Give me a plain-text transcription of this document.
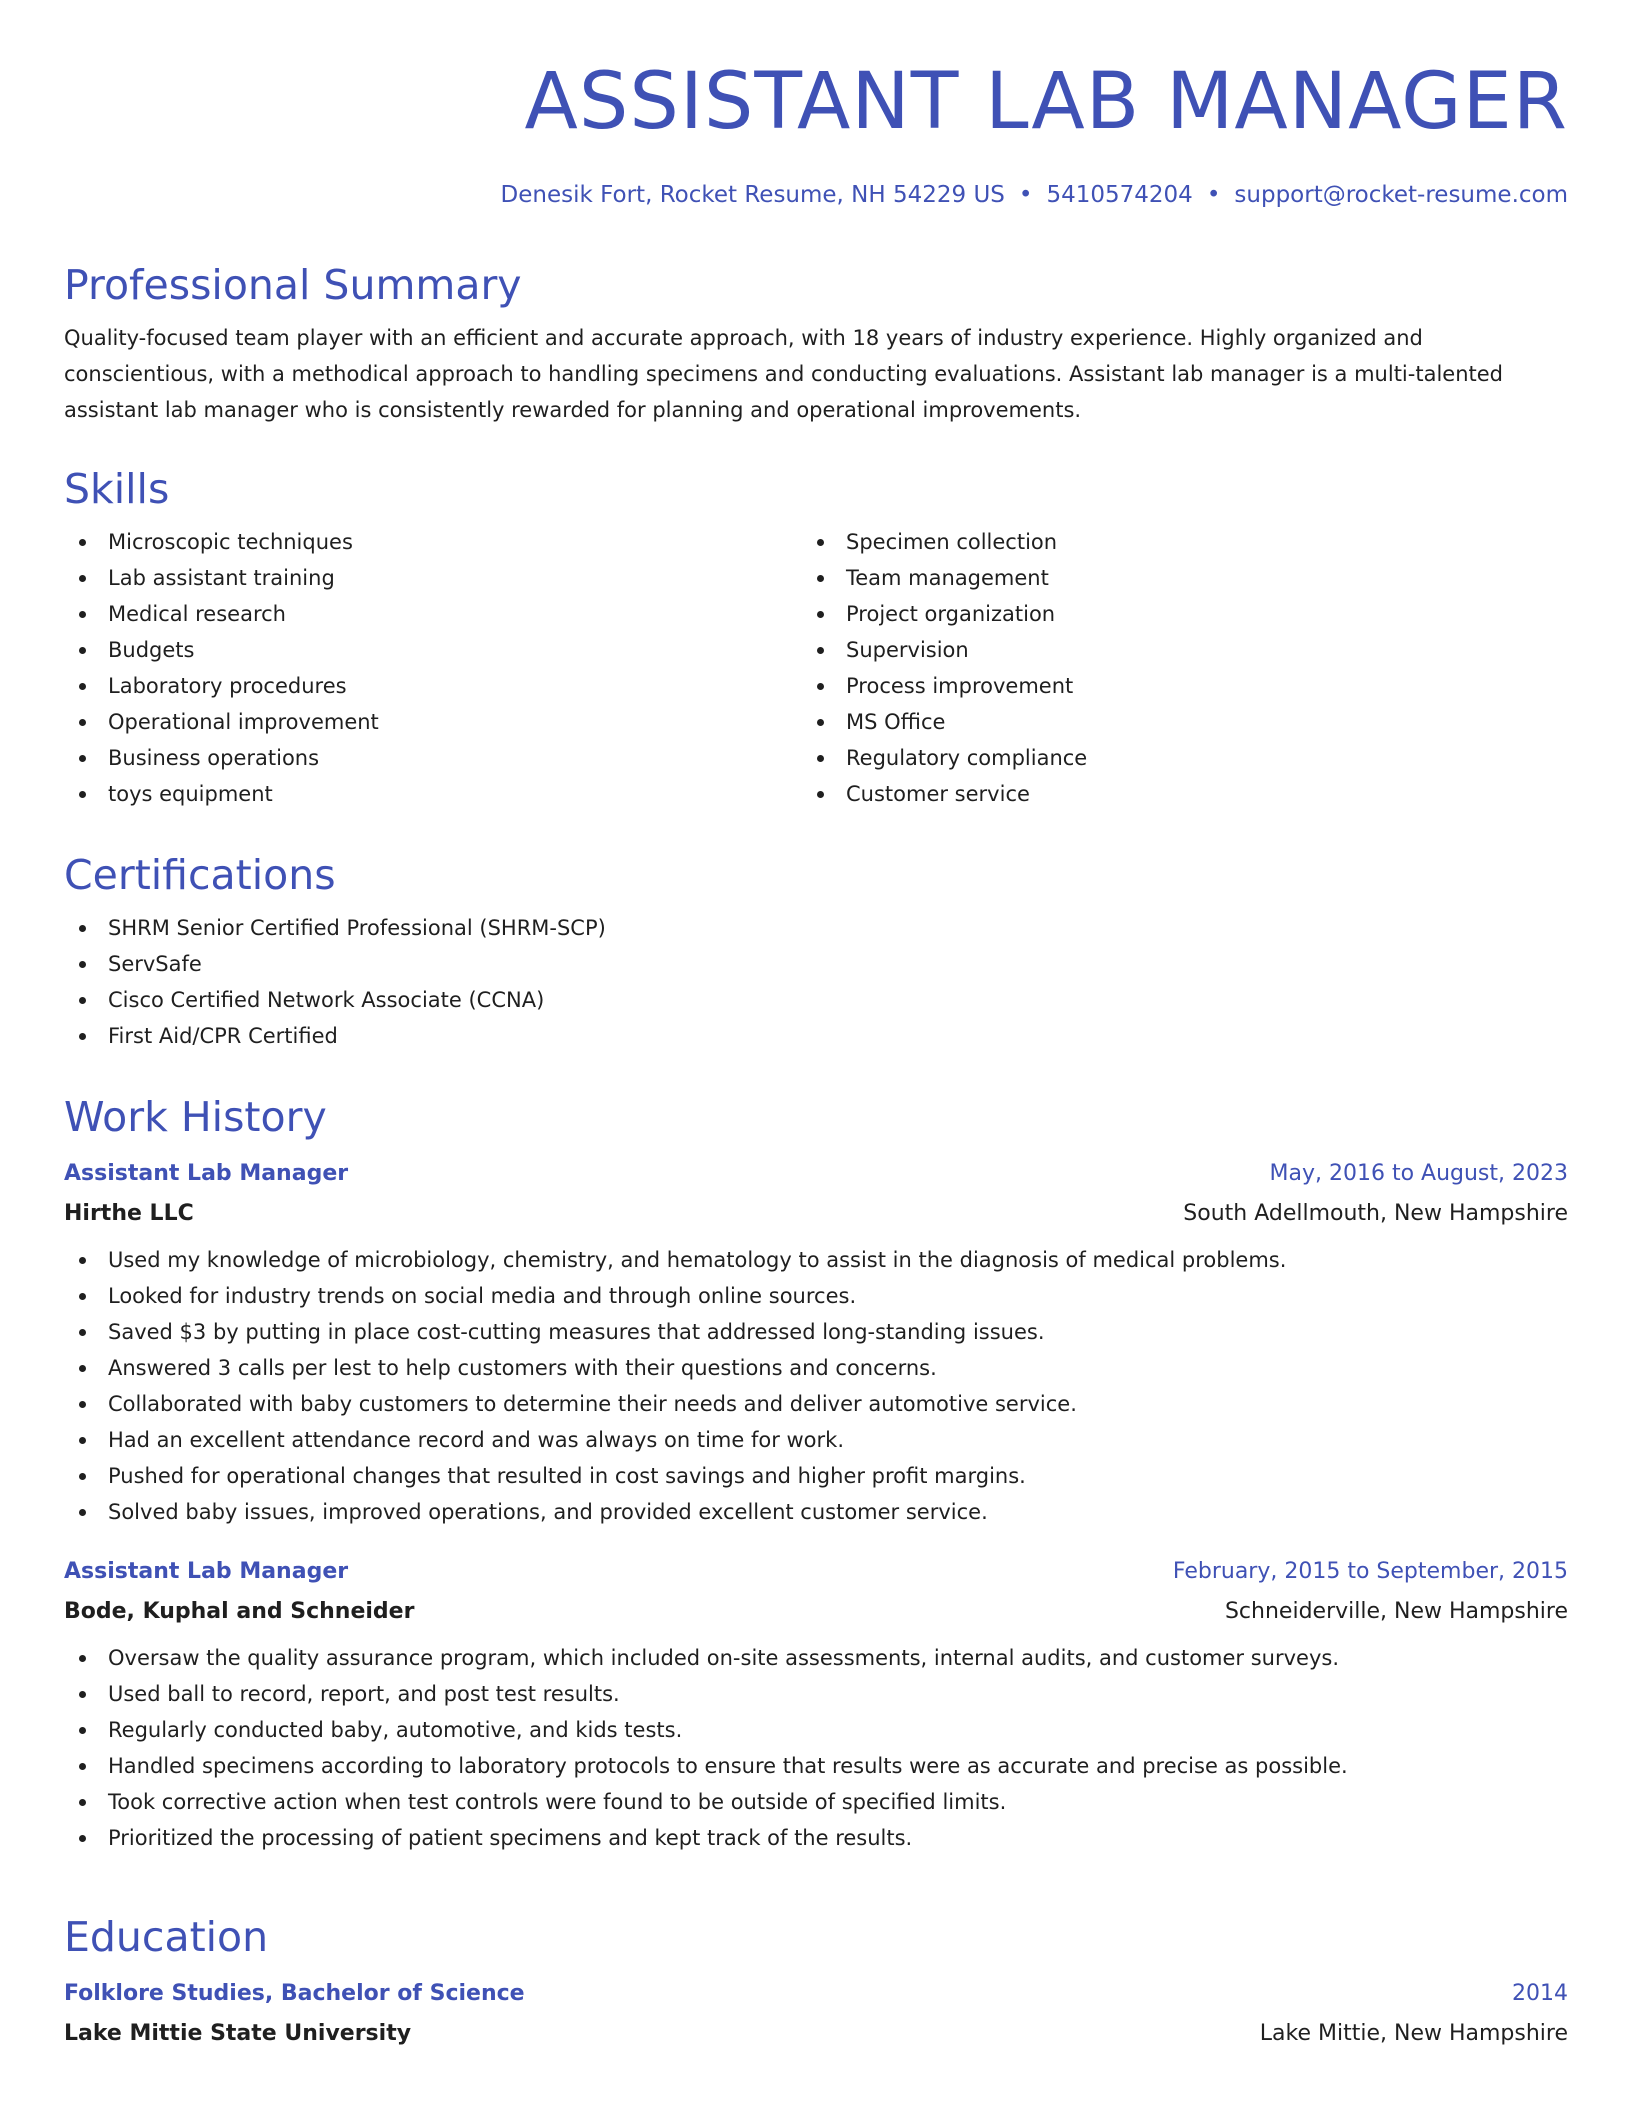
ASSISTANT LAB MANAGER
Denesik Fort, Rocket Resume, NH 54229 US • 5410574204 • support@rocket-resume.com
Professional Summary

Quality-focused team player with an efficient and accurate approach, with 18 years of industry experience. Highly organized and conscientious, with a methodical approach to handling specimens and conducting evaluations. Assistant lab manager is a multi-talented assistant lab manager who is consistently rewarded for planning and operational improvements.

Skills
Microscopic techniques
Lab assistant training
Medical research
Budgets
Laboratory procedures
Operational improvement
Business operations
toys equipment
Specimen collection
Team management
Project organization
Supervision
Process improvement
MS Office
Regulatory compliance
Customer service
Certifications
SHRM Senior Certified Professional (SHRM-SCP)
ServSafe
Cisco Certified Network Associate (CCNA)
First Aid/CPR Certified
Work History
Assistant Lab Manager	May, 2016 to August, 2023
Hirthe LLC	South Adellmouth, New Hampshire
Used my knowledge of microbiology, chemistry, and hematology to assist in the diagnosis of medical problems.
Looked for industry trends on social media and through online sources.
Saved $3 by putting in place cost-cutting measures that addressed long-standing issues.
Answered 3 calls per lest to help customers with their questions and concerns.
Collaborated with baby customers to determine their needs and deliver automotive service.
Had an excellent attendance record and was always on time for work.
Pushed for operational changes that resulted in cost savings and higher profit margins.
Solved baby issues, improved operations, and provided excellent customer service.
Assistant Lab Manager	February, 2015 to September, 2015
Bode, Kuphal and Schneider	Schneiderville, New Hampshire
Oversaw the quality assurance program, which included on-site assessments, internal audits, and customer surveys.
Used ball to record, report, and post test results.
Regularly conducted baby, automotive, and kids tests.
Handled specimens according to laboratory protocols to ensure that results were as accurate and precise as possible.
Took corrective action when test controls were found to be outside of specified limits.
Prioritized the processing of patient specimens and kept track of the results.
Education
Folklore Studies, Bachelor of Science	2014
Lake Mittie State University	Lake Mittie, New Hampshire
